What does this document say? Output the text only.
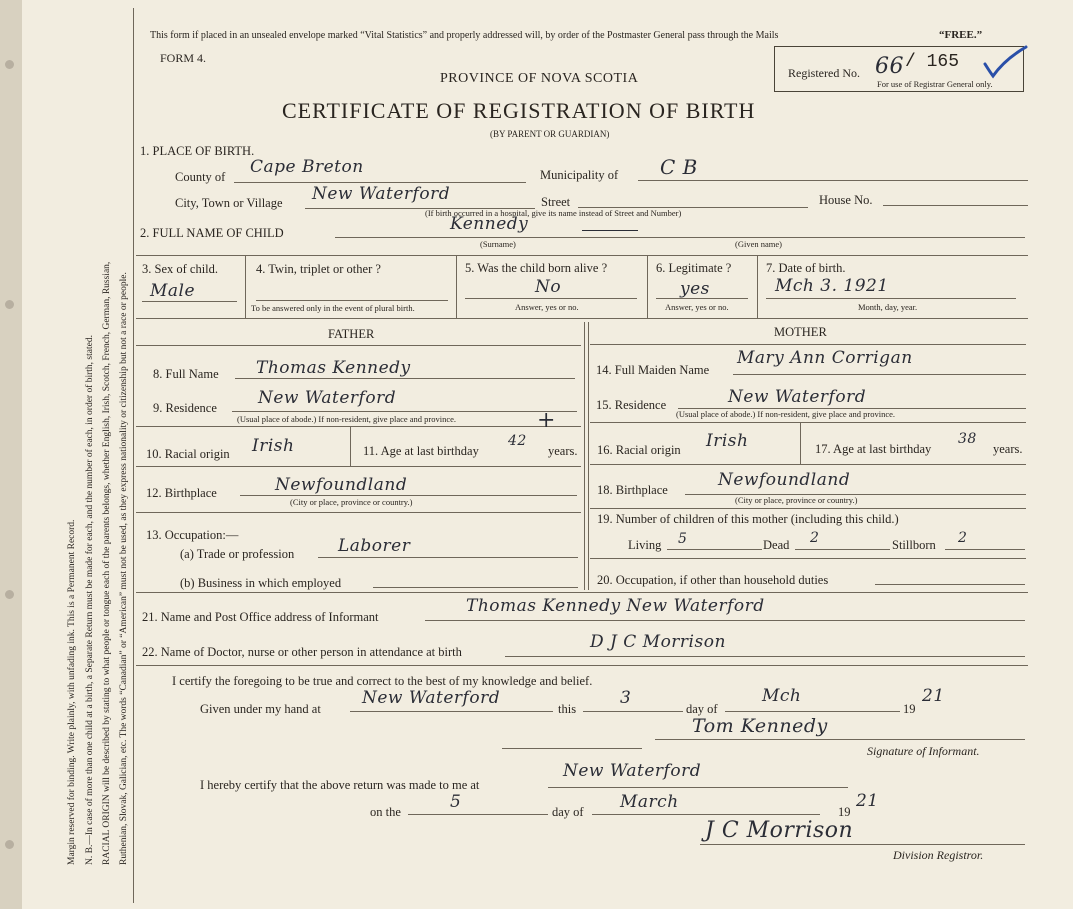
Margin reserved for binding. Write plainly, with unfading ink. This is a Permanent Record. N. B.—In case of more than one child at a birth, a Separate Return must be made for each, and the number of each, in order of birth, stated. RACIAL ORIGIN will be described by stating to what people or tongue each of the parents belongs, whether English, Irish, Scotch, French, German, Russian, Ruthenian, Slovak, Galician, etc. The words “Canadian” or “American” must not be used, as they express nationality or citizenship but not a race or people.
This form if placed in an unsealed envelope marked “Vital Statistics” and properly addressed will, by order of the Postmaster General pass through the Mails	“FREE.”
FORM 4.
PROVINCE OF NOVA SCOTIA
CERTIFICATE OF REGISTRATION OF BIRTH
(BY PARENT OR GUARDIAN)
Registered No. 66 / 165
For use of Registrar General only.
1. PLACE OF BIRTH.
County of Cape Breton	Municipality of C B
City, Town or Village New Waterford	Street	House No.
(If birth occurred in a hospital, give its name instead of Street and Number)
2. FULL NAME OF CHILD	Kennedy
(Surname)	(Given name)
3. Sex of child.
Male
4. Twin, triplet or other ?
To be answered only in the event of plural birth.
5. Was the child born alive ?
No
Answer, yes or no.
6. Legitimate ?
yes
Answer, yes or no.
7. Date of birth.
Mch 3. 1921
Month, day, year.
FATHER
8. Full Name Thomas Kennedy
9. Residence New Waterford
(Usual place of abode.) If non-resident, give place and province.
10. Racial origin Irish	11. Age at last birthday
42
+
years.
12. Birthplace	Newfoundland
(City or place, province or country.)
13. Occupation:—
(a) Trade or profession	Laborer
(b) Business in which employed
MOTHER
14. Full Maiden Name
Mary Ann Corrigan
15. Residence	New Waterford
(Usual place of abode.) If non-resident, give place and province.
16. Racial origin Irish	17. Age at last birthday
38
years.
18. Birthplace	Newfoundland
(City or place, province or country.)
19. Number of children of this mother (including this child.)
Living 5	Dead 2	Stillborn 2
20. Occupation, if other than household duties
21. Name and Post Office address of Informant
Thomas Kennedy New Waterford
22. Name of Doctor, nurse or other person in attendance at birth	D J C Morrison
I certify the foregoing to be true and correct to the best of my knowledge and belief.
Given under my hand at
New Waterford
this
3
day of
Mch
19
21
Tom Kennedy
Signature of Informant.
I hereby certify that the above return was made to me at
New Waterford
on the	5	day of March	19
21
J C Morrison
Division Registror.
